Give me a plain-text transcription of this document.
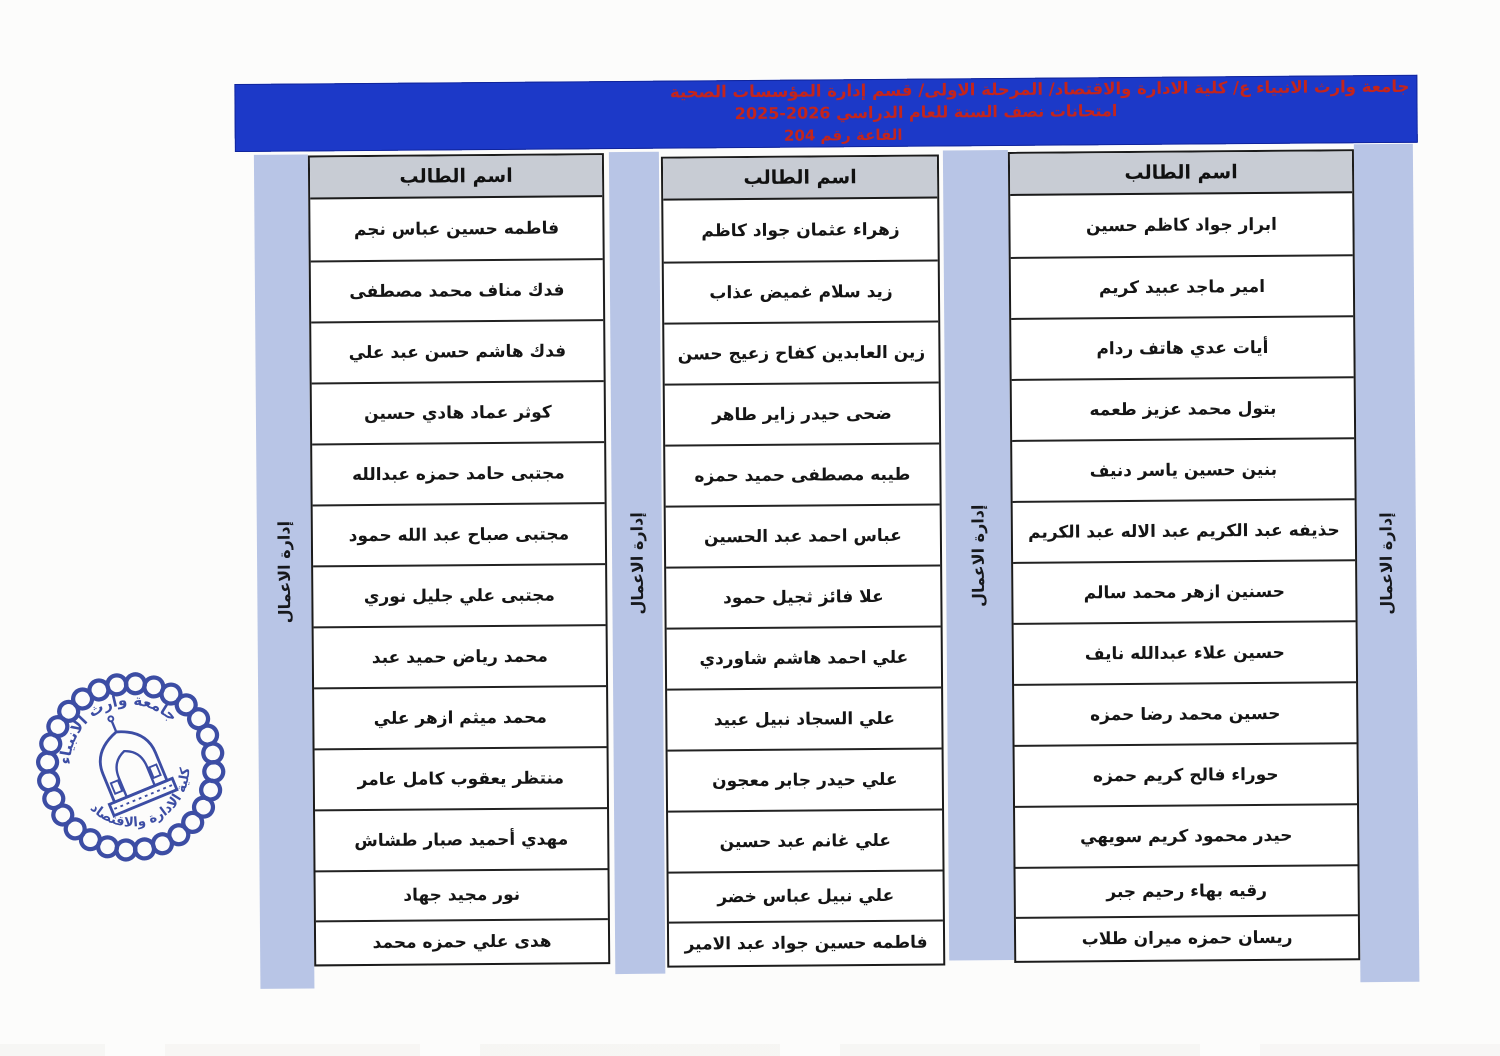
جامعة وارث الانبياء ع/ كلية الادارة والاقتصاد/ المرحلة الاولى/ قسم إدارة المؤسسات الصحية
امتحانات نصف السنة للعام الدراسي 2026-2025
القاعة رقم 204
إدارة الاعمال	إدارة الاعمال	إدارة الاعمال	إدارة الاعمال
اسم الطالب
ابرار جواد كاظم حسين
امير ماجد عبيد كريم
أيات عدي هاتف ردام
بتول محمد عزيز طعمه
بنين حسين ياسر دنيف
حذيفه عبد الكريم عبد الاله عبد الكريم
حسنين ازهر محمد سالم
حسين علاء عبدالله نايف
حسين محمد رضا حمزه
حوراء فالح كريم حمزه
حيدر محمود كريم سويهي
رقيه بهاء رحيم جبر
ريسان حمزه ميران طلاب
اسم الطالب
زهراء عثمان جواد كاظم
زيد سلام غميض عذاب
زين العابدين كفاح زعيج حسن
ضحى حيدر زاير طاهر
طيبه مصطفى حميد حمزه
عباس احمد عبد الحسين
علا فائز ثجيل حمود
علي احمد هاشم شاوردي
علي السجاد نبيل عبيد
علي حيدر جابر معجون
علي غانم عبد حسين
علي نبيل عباس خضر
فاطمه حسين جواد عبد الامير
اسم الطالب
فاطمه حسين عباس نجم
فدك مناف محمد مصطفى
فدك هاشم حسن عبد علي
كوثر عماد هادي حسين
مجتبى حامد حمزه عبدالله
مجتبى صباح عبد الله حمود
مجتبى علي جليل نوري
محمد رياض حميد عبد
محمد ميثم ازهر علي
منتظر يعقوب كامل عامر
مهدي أحميد صبار طشاش
نور مجيد جهاد
هدى علي حمزه محمد
جامعة وارث الانبياء
كلية الادارة والاقتصاد
